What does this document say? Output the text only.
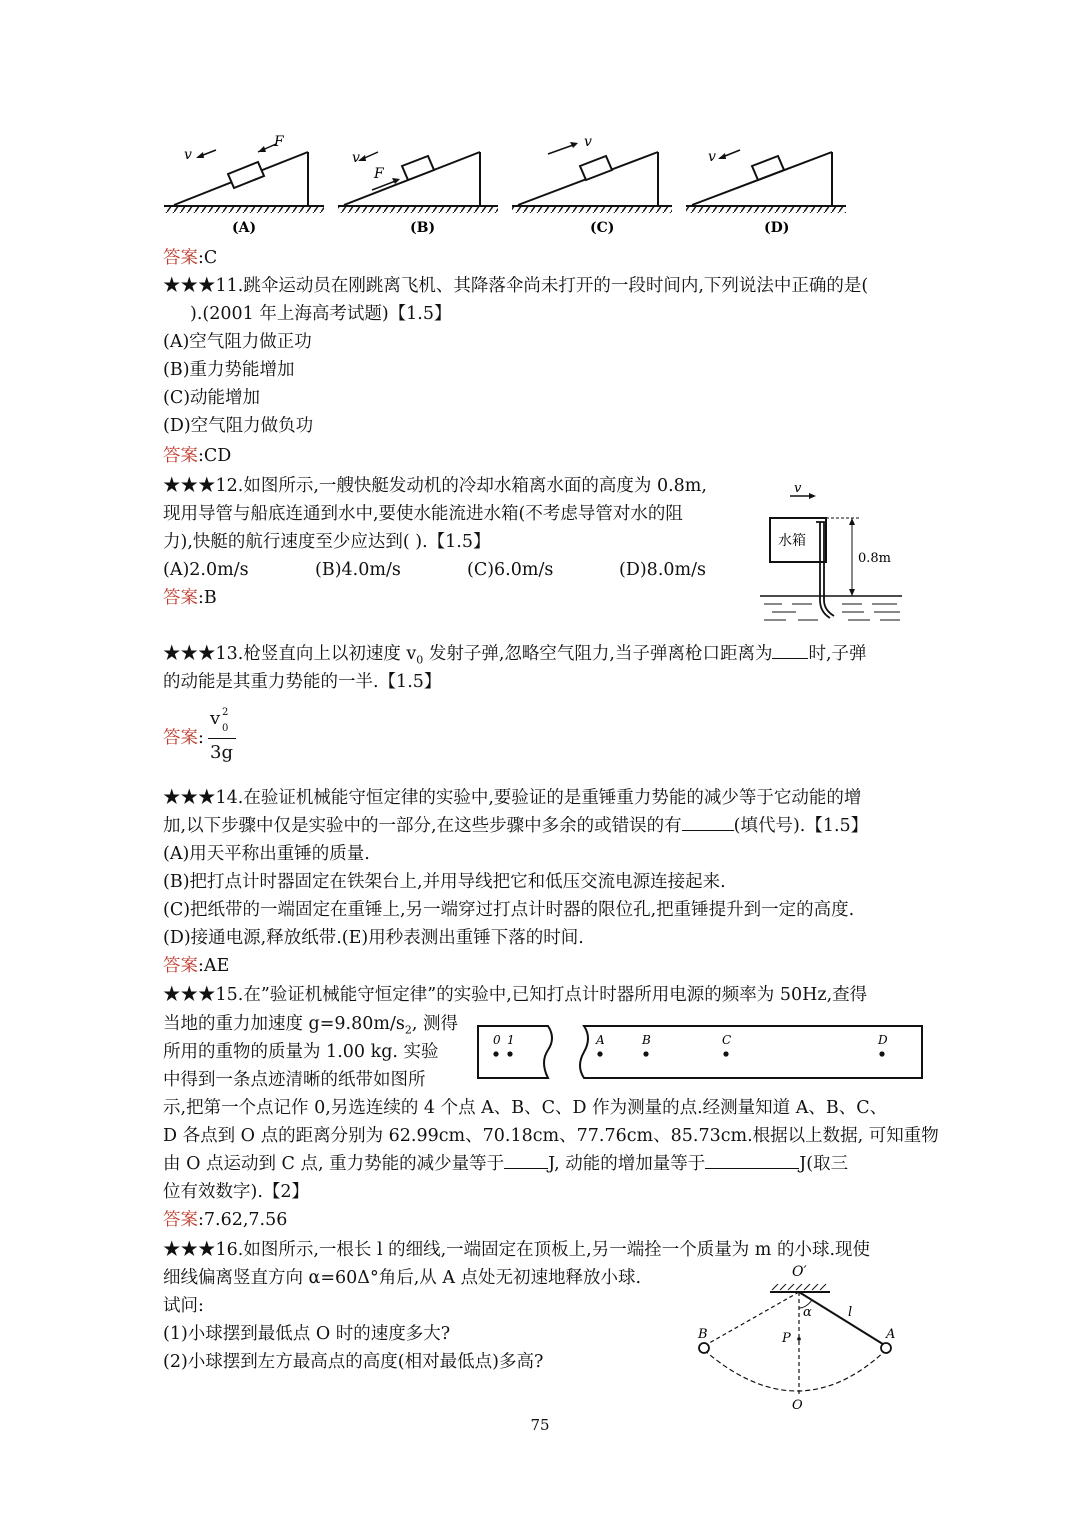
F
v
(A)
F
v
(B)
v
(C)
v
(D)
答案:C
★★★11.跳伞运动员在刚跳离飞机、其降落伞尚未打开的一段时间内,下列说法中正确的是(
).(2001 年上海高考试题)【1.5】
(A)空气阻力做正功
(B)重力势能增加
(C)动能增加
(D)空气阻力做负功
答案:CD
★★★12.如图所示,一艘快艇发动机的冷却水箱离水面的高度为 0.8m,
现用导管与船底连通到水中,要使水能流进水箱(不考虑导管对水的阻
力),快艇的航行速度至少应达到( ).【1.5】
(A)2.0m/s	(B)4.0m/s	(C)6.0m/s	(D)8.0m/s
答案:B
v
水箱
0.8m
★★★13.枪竖直向上以初速度 $v_0$ 发射子弹,忽略空气阻力,当子弹离枪口距离为 时,子弹
的动能是其重力势能的一半.【1.5】
答案:
v 2
0
3g
★★★14.在验证机械能守恒定律的实验中,要验证的是重锤重力势能的减少等于它动能的增
加,以下步骤中仅是实验中的一部分,在这些步骤中多余的或错误的有	(填代号).【1.5】
(A)用天平称出重锤的质量.
(B)把打点计时器固定在铁架台上,并用导线把它和低压交流电源连接起来.
(C)把纸带的一端固定在重锤上,另一端穿过打点计时器的限位孔,把重锤提升到一定的高度.
(D)接通电源,释放纸带.(E)用秒表测出重锤下落的时间.
答案:AE
★★★15.在”验证机械能守恒定律”的实验中,已知打点计时器所用电源的频率为 50Hz,查得
当地的重力加速度 $g=9.80m/s_2$, 测得
所用的重物的质量为 1.00 kg. 实验
中得到一条点迹清晰的纸带如图所
示,把第一个点记作 0,另选连续的 4 个点 A、B、C、D 作为测量的点.经测量知道 A、B、C、
D 各点到 O 点的距离分别为 62.99cm、70.18cm、77.76cm、85.73cm.根据以上数据, 可知重物
由 O 点运动到 C 点, 重力势能的减少量等于	J, 动能的增加量等于	J(取三
位有效数字).【2】
答案:7.62,7.56
0 1	A	B	C	D
★★★16.如图所示,一根长 l 的细线,一端固定在顶板上,另一端拴一个质量为 m 的小球.现使
细线偏离竖直方向 α=60Δ°角后,从 A 点处无初速地释放小球.
试问:
(1)小球摆到最低点 O 时的速度多大?
(2)小球摆到左方最高点的高度(相对最低点)多高?
O′
α	l
B	P	A
O
75
